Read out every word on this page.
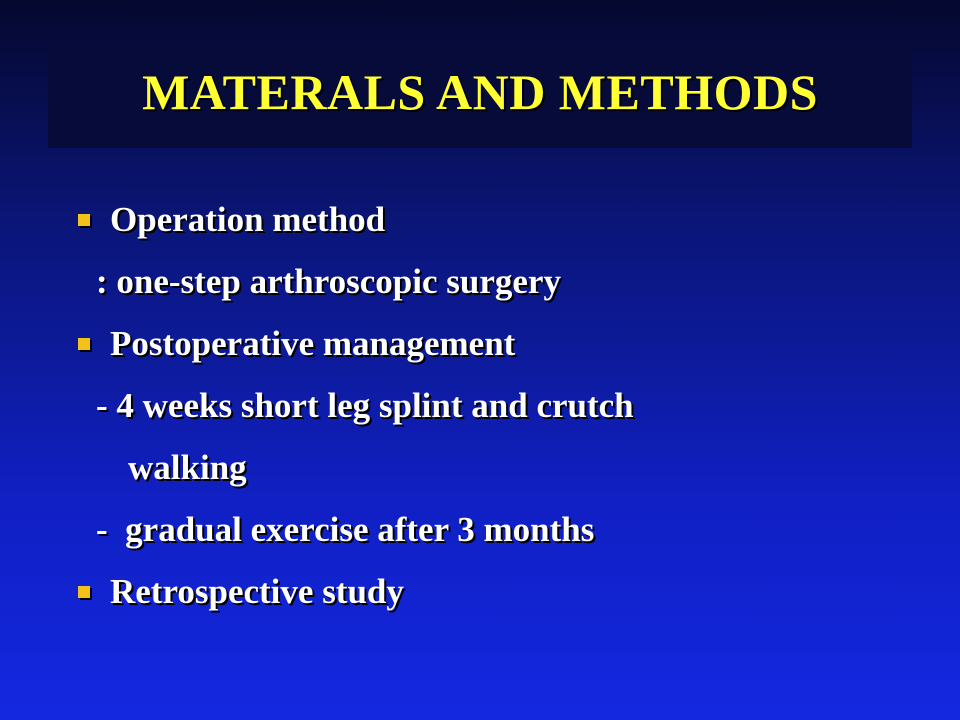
MATERALS AND METHODS
Operation method
: one-step arthroscopic surgery
Postoperative management
- 4 weeks short leg splint and crutch
walking
-  gradual exercise after 3 months
Retrospective study
